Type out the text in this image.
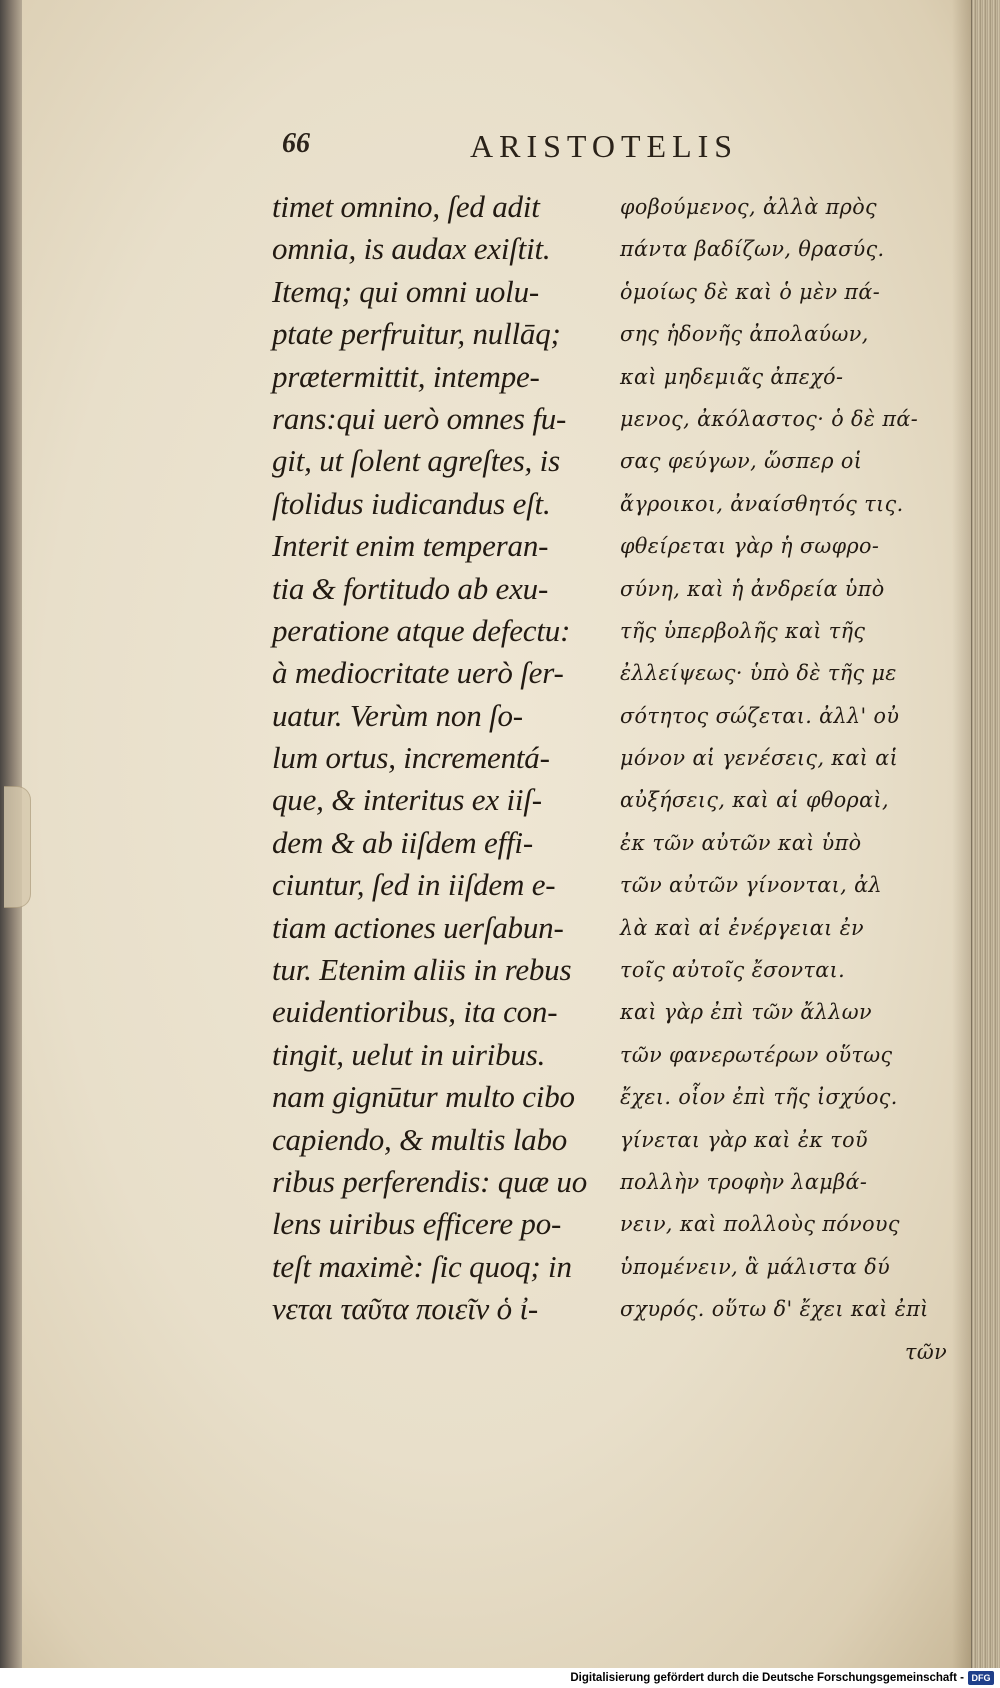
66	ARISTOTELIS
timet omnino, ſed adit
omnia, is audax exiſtit.
Itemq; qui omni uolu-
ptate perfruitur, nullāq;
prætermittit, intempe-
rans:qui uerò omnes fu-
git, ut ſolent agreſtes, is
ſtolidus iudicandus eſt.
Interit enim temperan-
tia & fortitudo ab exu-
peratione atque defectu:
à mediocritate uerò ſer-
uatur. Verùm non ſo-
lum ortus, incrementá-
que, & interitus ex iiſ-
dem & ab iiſdem effi-
ciuntur, ſed in iiſdem e-
tiam actiones uerſabun-
tur. Etenim aliis in rebus
euidentioribus, ita con-
tingit, uelut in uiribus.
nam gignūtur multo cibo
capiendo, & multis labo
ribus perferendis: quæ uo
lens uiribus efficere po-
teſt maximè: ſic quoq; in
νεται ταῦτα ποιεῖν ὁ ἰ-
φοβούμενος, ἀλλὰ πρὸς
πάντα βαδίζων, θρασύς.
ὁμοίως δὲ καὶ ὁ μὲν πά-
σης ἡδονῆς ἀπολαύων,
καὶ μηδεμιᾶς ἀπεχό-
μενος, ἀκόλαστος· ὁ δὲ πά-
σας φεύγων, ὥσπερ οἱ
ἄγροικοι, ἀναίσθητός τις.
φθείρεται γὰρ ἡ σωφρο-
σύνη, καὶ ἡ ἀνδρεία ὑπὸ
τῆς ὑπερβολῆς καὶ τῆς
ἐλλείψεως· ὑπὸ δὲ τῆς με
σότητος σώζεται. ἀλλ' οὐ
μόνον αἱ γενέσεις, καὶ αἱ
αὐξήσεις, καὶ αἱ φθοραὶ,
ἐκ τῶν αὐτῶν καὶ ὑπὸ
τῶν αὐτῶν γίνονται, ἀλ
λὰ καὶ αἱ ἐνέργειαι ἐν
τοῖς αὐτοῖς ἔσονται.
καὶ γὰρ ἐπὶ τῶν ἄλλων
τῶν φανερωτέρων οὕτως
ἔχει. οἷον ἐπὶ τῆς ἰσχύος.
γίνεται γὰρ καὶ ἐκ τοῦ
πολλὴν τροφὴν λαμβά-
νειν, καὶ πολλοὺς πόνους
ὑπομένειν, ἃ μάλιστα δύ
σχυρός. οὕτω δ' ἔχει καὶ ἐπὶ
τῶν
Digitalisierung gefördert durch die Deutsche Forschungsgemeinschaft - DFG
